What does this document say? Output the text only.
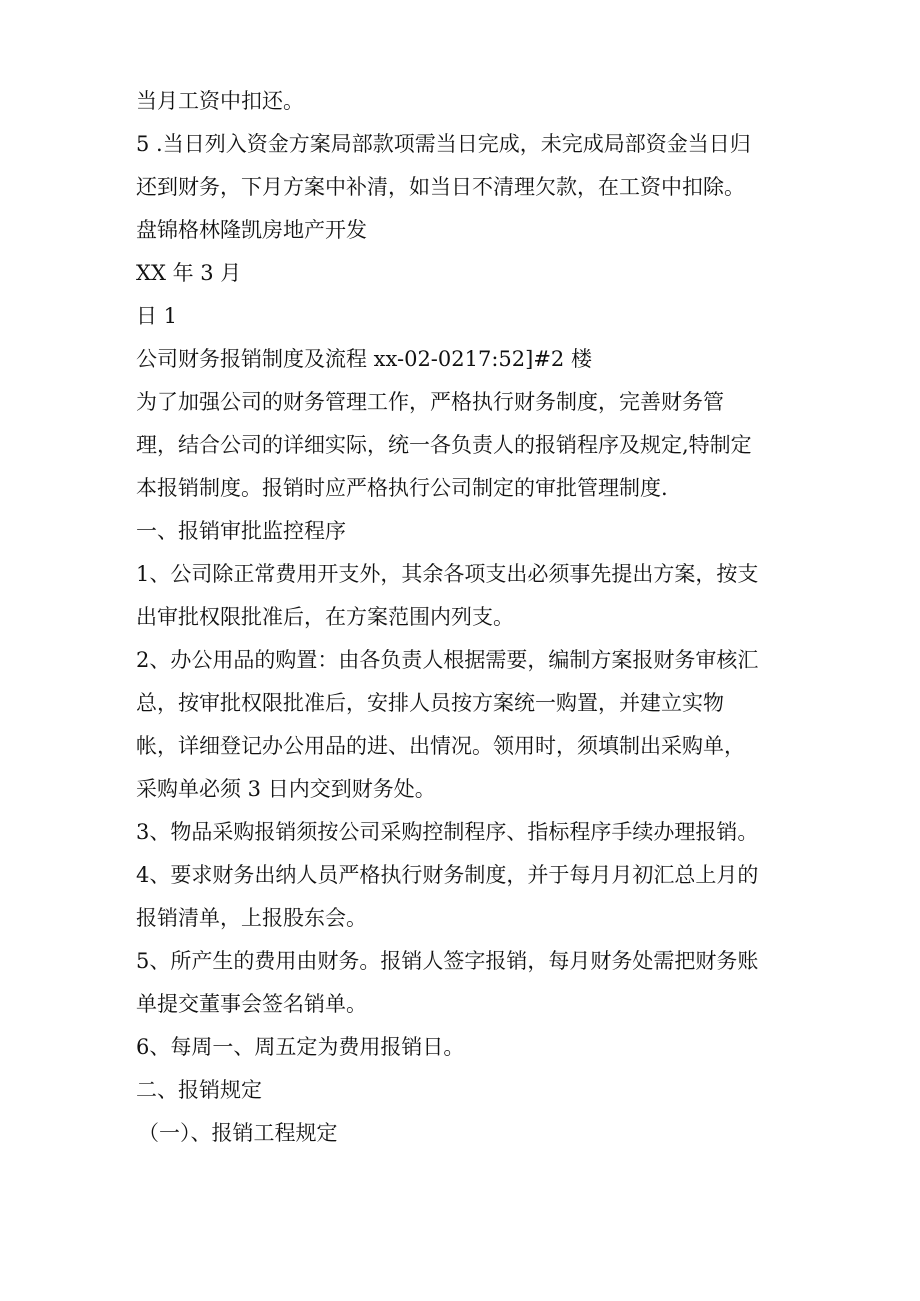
当月工资中扣还。

5 .当日列入资金方案局部款项需当日完成，未完成局部资金当日归

还到财务，下月方案中补清，如当日不清理欠款，在工资中扣除。

盘锦格林隆凯房地产开发

XX 年 3 月

日 1

公司财务报销制度及流程 xx-02-0217:52]#2 楼

为了加强公司的财务管理工作，严格执行财务制度，完善财务管

理，结合公司的详细实际，统一各负责人的报销程序及规定,特制定

本报销制度。报销时应严格执行公司制定的审批管理制度.

一、报销审批监控程序

1、公司除正常费用开支外，其余各项支出必须事先提出方案，按支

出审批权限批准后，在方案范围内列支。

2、办公用品的购置：由各负责人根据需要，编制方案报财务审核汇

总，按审批权限批准后，安排人员按方案统一购置，并建立实物

帐，详细登记办公用品的进、出情况。领用时，须填制出采购单，

采购单必须 3 日内交到财务处。

3、物品采购报销须按公司采购控制程序、指标程序手续办理报销。

4、要求财务出纳人员严格执行财务制度，并于每月月初汇总上月的

报销清单，上报股东会。

5、所产生的费用由财务。报销人签字报销，每月财务处需把财务账

单提交董事会签名销单。

6、每周一、周五定为费用报销日。

二、报销规定

（一）、报销工程规定
